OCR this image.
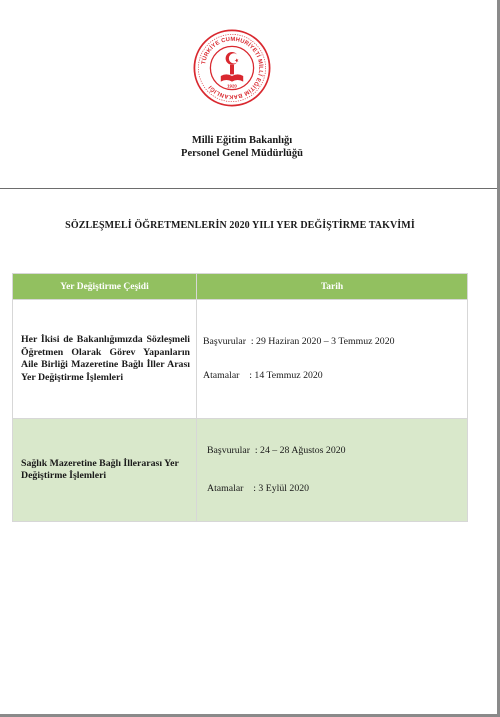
TÜRKİYE CUMHURİYETİ MİLLÎ EĞİTİM BAKANLIĞI	1920
Milli Eğitim Bakanlığı
Personel Genel Müdürlüğü
SÖZLEŞMELİ ÖĞRETMENLERİN 2020 YILI YER DEĞİŞTİRME TAKVİMİ
Yer Değiştirme Çeşidi	Tarih
Her İkisi de Bakanlığımızda Sözleşmeli Öğretmen Olarak Görev Yapanların Aile Birliği Mazeretine Bağlı İller Arası Yer Değiştirme İşlemleri	Başvurular  : 29 Haziran 2020 – 3 Temmuz 2020
Atamalar    : 14 Temmuz 2020

Sağlık Mazeretine Bağlı İllerarası Yer Değiştirme İşlemleri	Başvurular  : 24 – 28 Ağustos 2020
Atamalar    : 3 Eylül 2020
